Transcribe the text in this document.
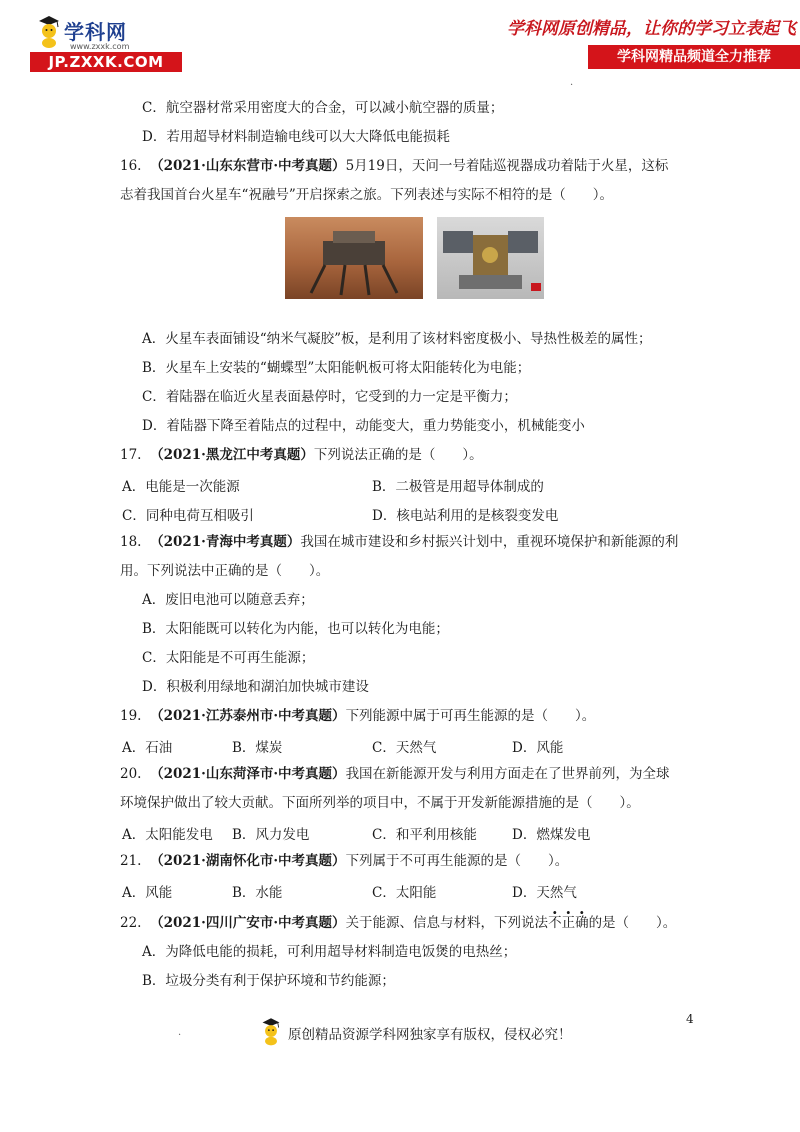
学科网
www.zxxk.com
JP.ZXXK.COM
学科网原创精品，让你的学习立表起飞
学科网精品频道全力推荐
·
C．航空器材常采用密度大的合金，可以减小航空器的质量；
D．若用超导材料制造输电线可以大大降低电能损耗
16. （2021·山东东营市·中考真题）5月19日，天问一号着陆巡视器成功着陆于火星，这标
志着我国首台火星车“祝融号”开启探索之旅。下列表述与实际不相符的是（　　）。
A．火星车表面铺设“纳米气凝胶”板，是利用了该材料密度极小、导热性极差的属性；
B．火星车上安装的“蝴蝶型”太阳能帆板可将太阳能转化为电能；
C．着陆器在临近火星表面悬停时，它受到的力一定是平衡力；
D．着陆器下降至着陆点的过程中，动能变大，重力势能变小，机械能变小
17. （2021·黑龙江中考真题）下列说法正确的是（　　）。
A．电能是一次能源	B．二极管是用超导体制成的
C．同种电荷互相吸引	D．核电站利用的是核裂变发电
18. （2021·青海中考真题）我国在城市建设和乡村振兴计划中，重视环境保护和新能源的利
用。下列说法中正确的是（　　）。
A．废旧电池可以随意丢弃；
B．太阳能既可以转化为内能，也可以转化为电能；
C．太阳能是不可再生能源；
D．积极利用绿地和湖泊加快城市建设
19. （2021·江苏泰州市·中考真题）下列能源中属于可再生能源的是（　　）。
A．石油	B．煤炭	C．天然气	D．风能
20. （2021·山东菏泽市·中考真题）我国在新能源开发与利用方面走在了世界前列，为全球
环境保护做出了较大贡献。下面所列举的项目中，不属于开发新能源措施的是（　　）。
A．太阳能发电 B．风力发电	C．和平利用核能	D．燃煤发电
21. （2021·湖南怀化市·中考真题）下列属于不可再生能源的是（　　）。
A．风能	B．水能	C．太阳能	D．天然气
22. （2021·四川广安市·中考真题）关于能源、信息与材料，下列说法不正确的是（　　）。
A．为降低电能的损耗，可利用超导材料制造电饭煲的电热丝；
B．垃圾分类有利于保护环境和节约能源；
4
·	原创精品资源学科网独家享有版权，侵权必究！
